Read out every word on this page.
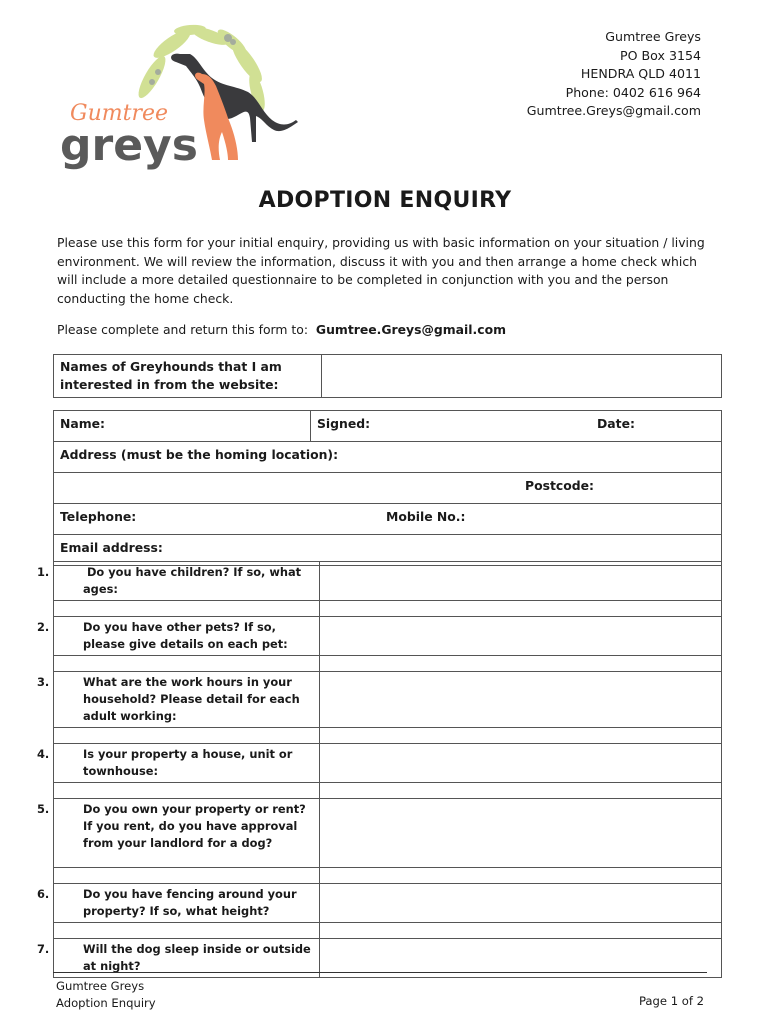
Gumtree
greys
Gumtree Greys
PO Box 3154
HENDRA QLD 4011
Phone: 0402 616 964
Gumtree.Greys@gmail.com
ADOPTION ENQUIRY
Please use this form for your initial enquiry, providing us with basic information on your situation / living environment. We will review the information, discuss it with you and then arrange a home check which will include a more detailed questionnaire to be completed in conjunction with you and the person conducting the home check.
Please complete and return this form to: Gumtree.Greys@gmail.com
Names of Greyhounds that I am interested in from the website:	
Name:	Signed:	Date:

Address (must be the homing location):

Postcode:

Telephone:	Mobile No.:

Email address:
1. Do you have children? If so, what ages:	

2. Do you have other pets? If so, please give details on each pet:	

3. What are the work hours in your household? Please detail for each adult working:	

4. Is your property a house, unit or townhouse:	

5. Do you own your property or rent? If you rent, do you have approval from your landlord for a dog?	

6. Do you have fencing around your property? If so, what height?	

7. Will the dog sleep inside or outside at night?	

Gumtree Greys
Adoption Enquiry	Page 1 of 2
